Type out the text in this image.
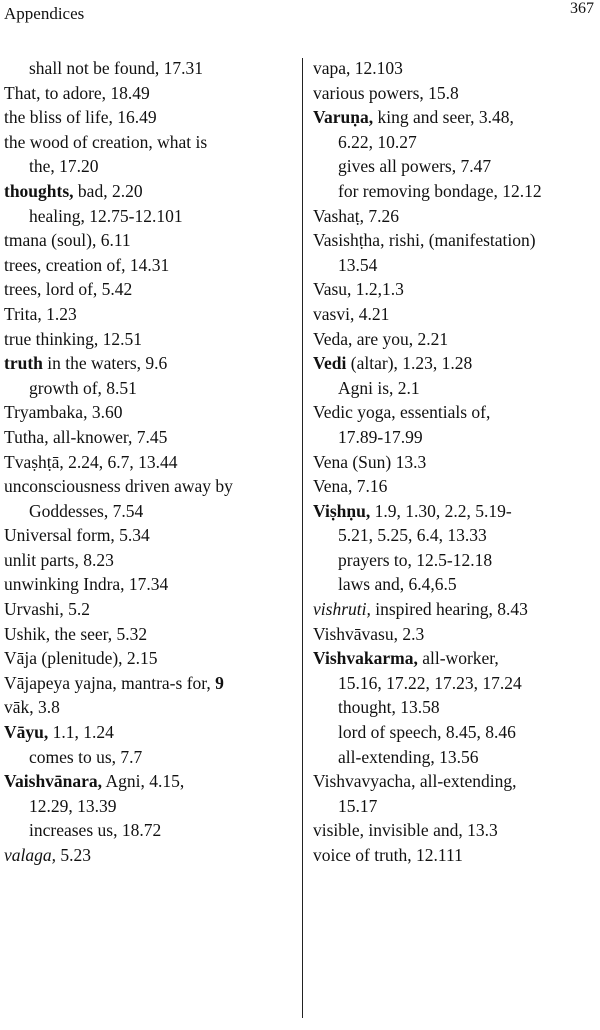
Appendices	367
shall not be found, 17.31
That, to adore, 18.49
the bliss of life, 16.49
the wood of creation, what is
the, 17.20
thoughts, bad, 2.20
healing, 12.75-12.101
tmana (soul), 6.11
trees, creation of, 14.31
trees, lord of, 5.42
Trita, 1.23
true thinking, 12.51
truth in the waters, 9.6
growth of, 8.51
Tryambaka, 3.60
Tutha, all-knower, 7.45
Tvaṣhṭā, 2.24, 6.7, 13.44
unconsciousness driven away by
Goddesses, 7.54
Universal form, 5.34
unlit parts, 8.23
unwinking Indra, 17.34
Urvashi, 5.2
Ushik, the seer, 5.32
Vāja (plenitude), 2.15
Vājapeya yajna, mantra-s for, 9
vāk, 3.8
Vāyu, 1.1, 1.24
comes to us, 7.7
Vaishvānara, Agni, 4.15,
12.29, 13.39
increases us, 18.72
valaga, 5.23
vapa, 12.103
various powers, 15.8
Varuṇa, king and seer, 3.48,
6.22, 10.27
gives all powers, 7.47
for removing bondage, 12.12
Vashaṭ, 7.26
Vasishṭha, rishi, (manifestation)
13.54
Vasu, 1.2,1.3
vasvi, 4.21
Veda, are you, 2.21
Vedi (altar), 1.23, 1.28
Agni is, 2.1
Vedic yoga, essentials of,
17.89-17.99
Vena (Sun) 13.3
Vena, 7.16
Viṣhṇu, 1.9, 1.30, 2.2, 5.19-
5.21, 5.25, 6.4, 13.33
prayers to, 12.5-12.18
laws and, 6.4,6.5
vishruti, inspired hearing, 8.43
Vishvāvasu, 2.3
Vishvakarma, all-worker,
15.16, 17.22, 17.23, 17.24
thought, 13.58
lord of speech, 8.45, 8.46
all-extending, 13.56
Vishvavyacha, all-extending,
15.17
visible, invisible and, 13.3
voice of truth, 12.111
